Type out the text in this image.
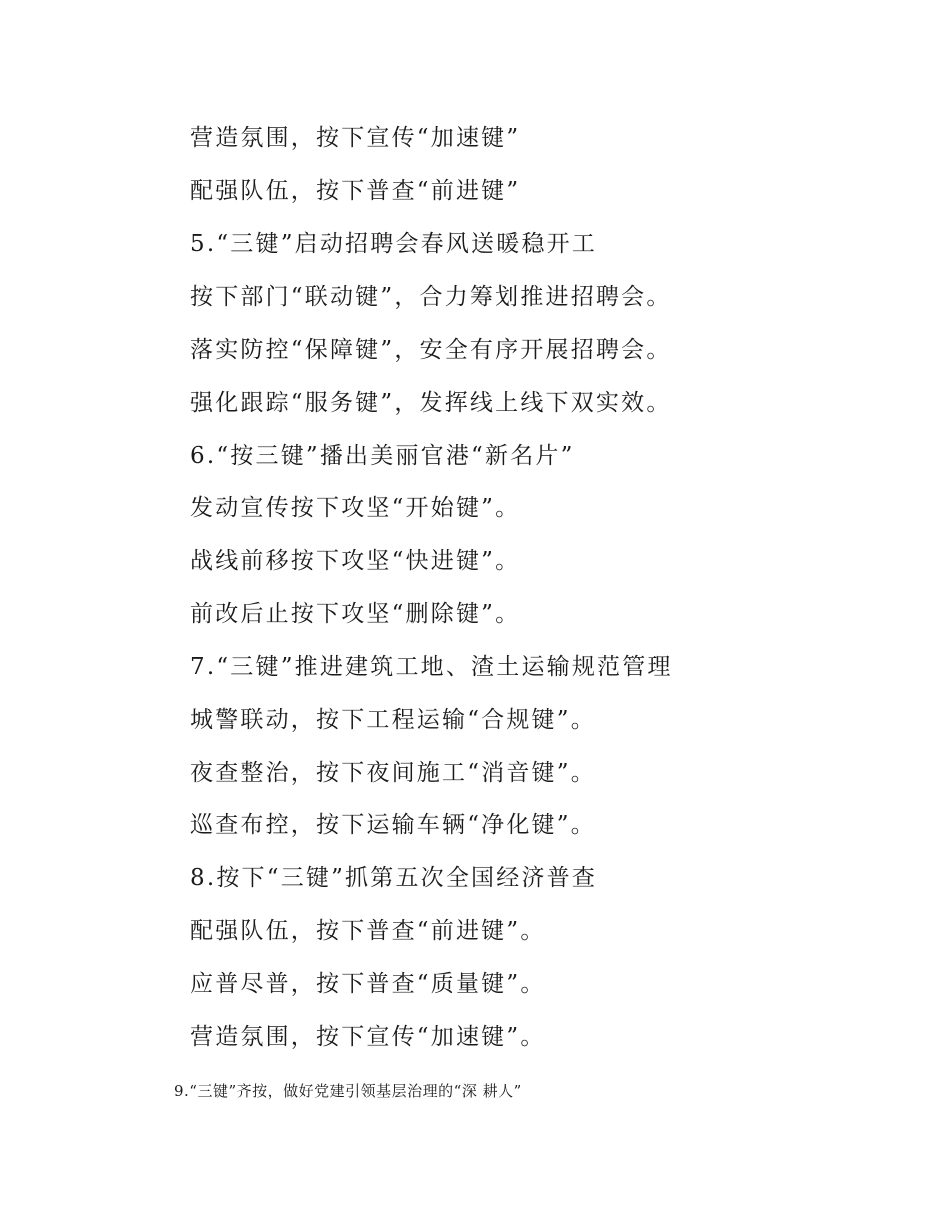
营造氛围，按下宣传“加速键”
配强队伍，按下普查“前进键”
5.“三键”启动招聘会春风送暖稳开工
按下部门“联动键”，合力筹划推进招聘会。
落实防控“保障键”，安全有序开展招聘会。
强化跟踪“服务键”，发挥线上线下双实效。
6.“按三键”播出美丽官港“新名片”
发动宣传按下攻坚“开始键”。
战线前移按下攻坚“快进键”。
前改后止按下攻坚“删除键”。
7.“三键”推进建筑工地、渣土运输规范管理
城警联动，按下工程运输“合规键”。
夜查整治，按下夜间施工“消音键”。
巡查布控，按下运输车辆“净化键”。
8.按下“三键”抓第五次全国经济普查
配强队伍，按下普查“前进键”。
应普尽普，按下普查“质量键”。
营造氛围，按下宣传“加速键”。
9.“三键”齐按，做好党建引领基层治理的“深 耕人”
